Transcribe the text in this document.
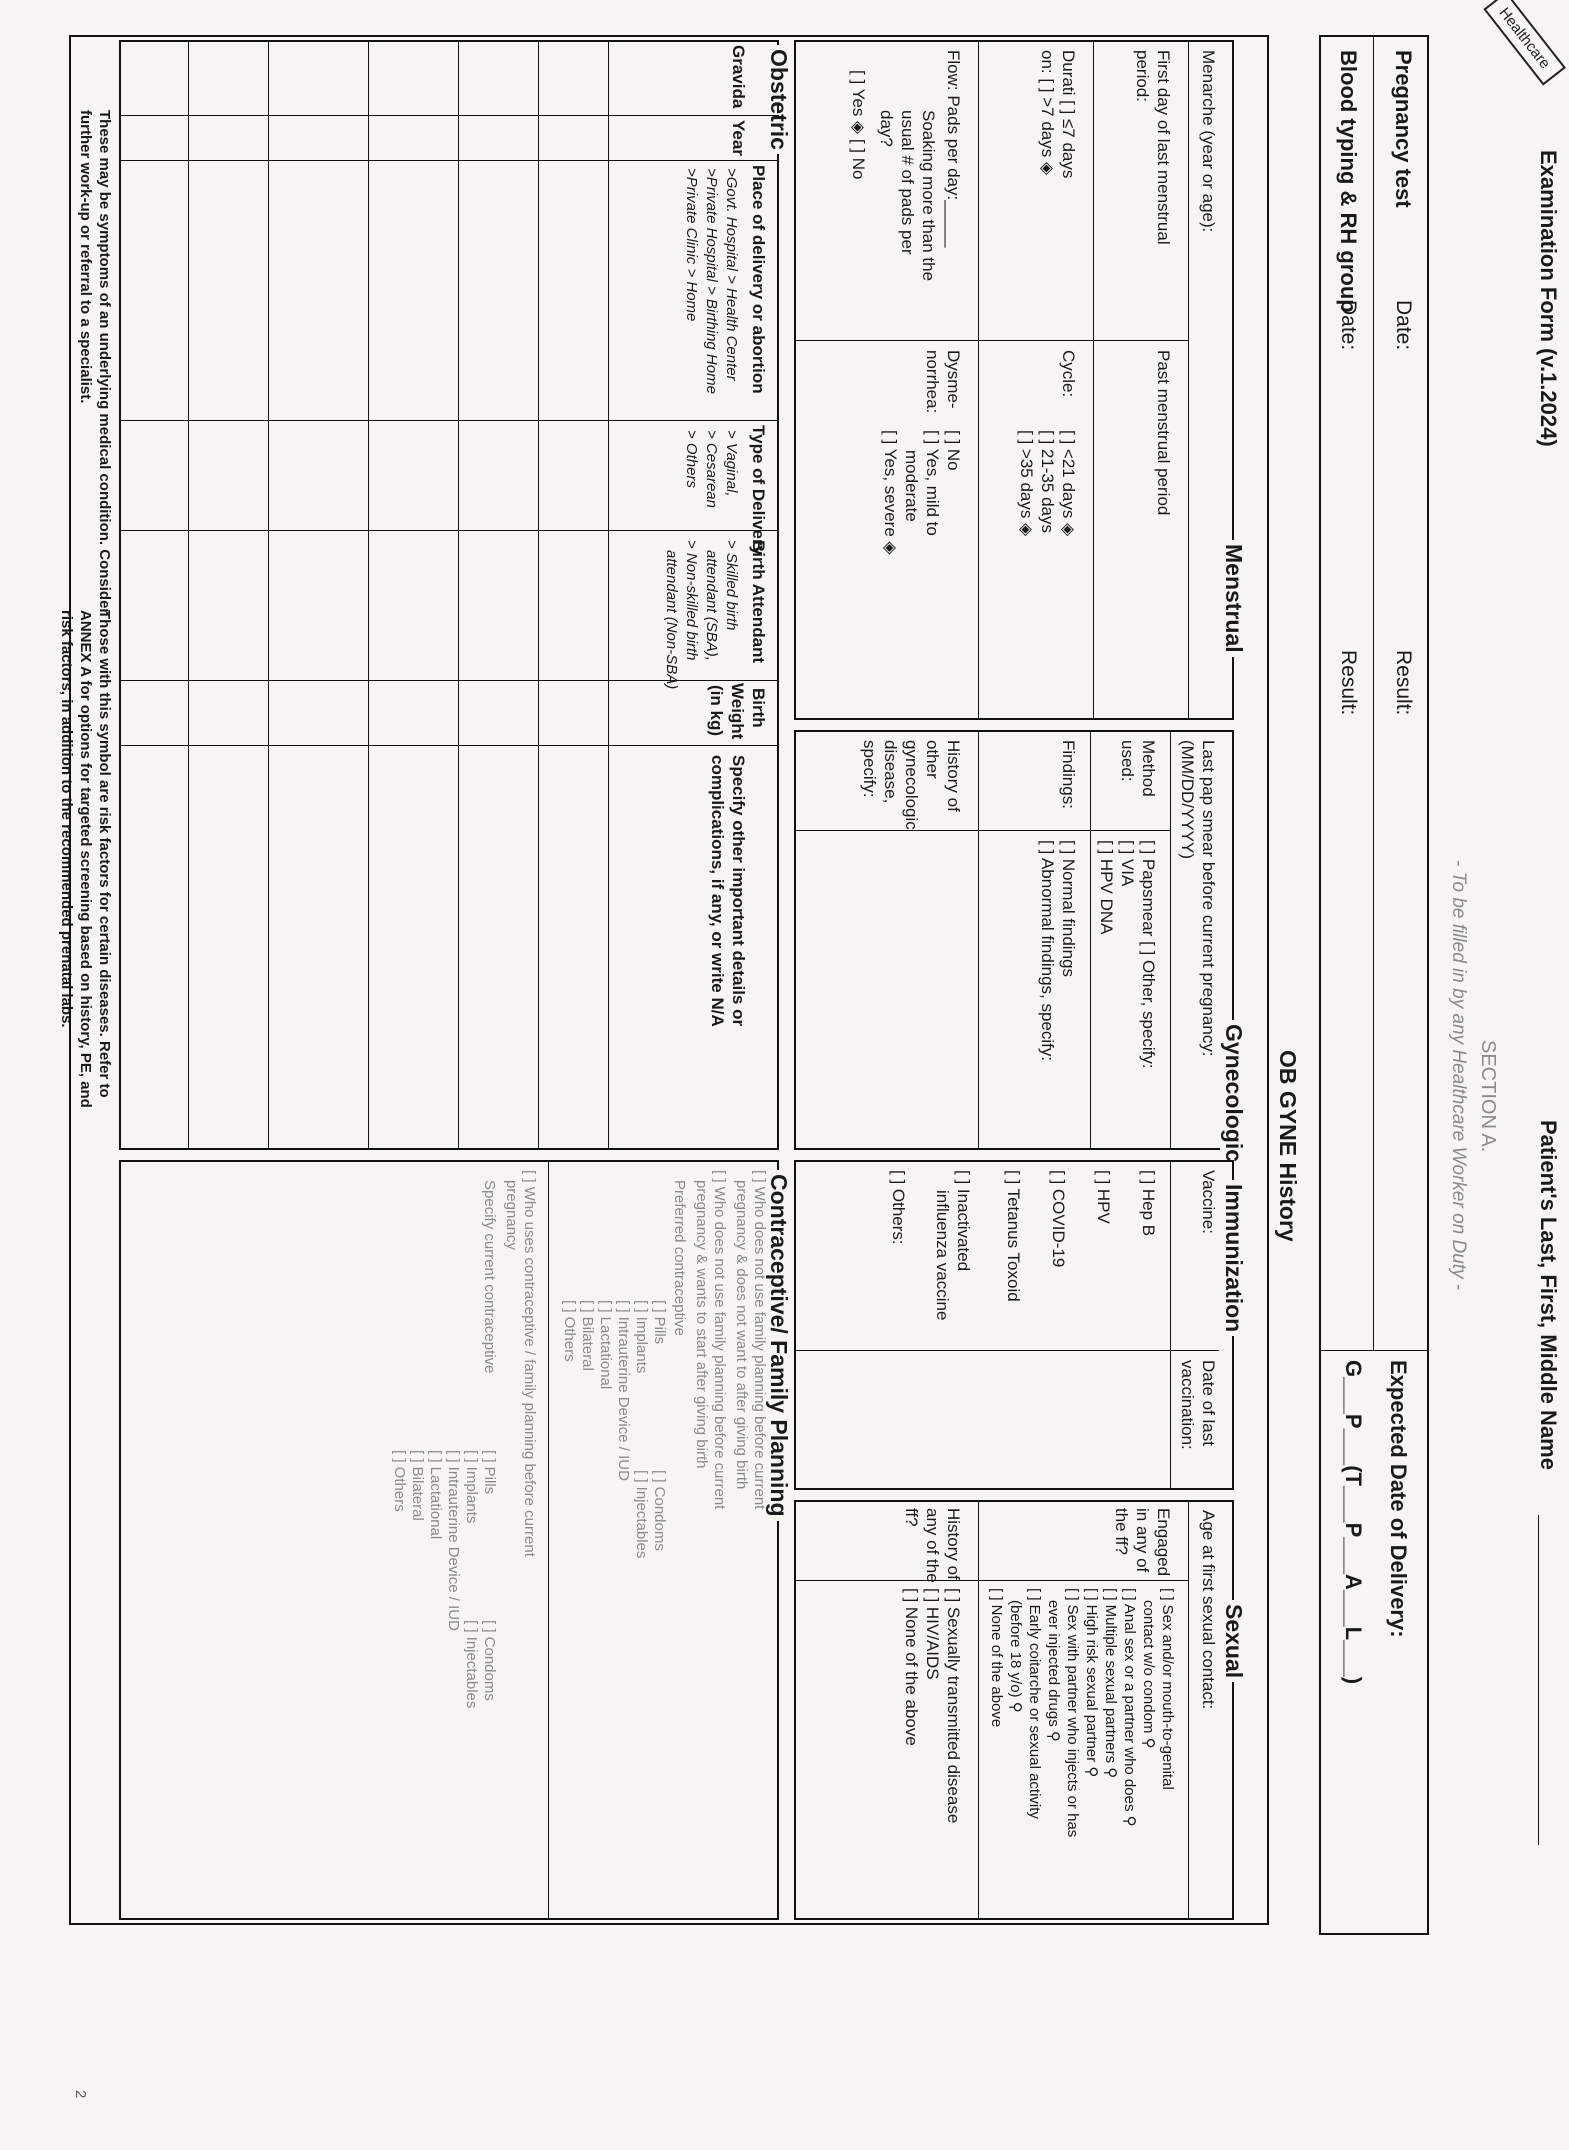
Healthcare
Examination Form (v.1.2024)
Patient's Last, First, Middle Name
SECTION A.
- To be filled in by any Healthcare Worker on Duty -
Pregnancy test
Date:
Result:
Blood typing & RH group
Date:
Result:
Expected Date of Delivery:
G___P___(T___P___A___L___)
OB GYNE History
Menstrual
Menarche (year or age):
First day of last menstrual
period:
Past menstrual period
Durati [ ] ≤7 days
on: [ ] >7 days ◈
Cycle:
[ ] <21 days ◈
[ ] 21-35 days
[ ] >35 days ◈
Flow: Pads per day:_____
Soaking more than the
usual # of pads per
day?
[ ] Yes ◈ [ ] No
Dysme-
norrhea:
[ ] No
[ ] Yes, mild to
moderate
[ ] Yes, severe ◈
Gynecologic
Last pap smear before current pregnancy:
(MM/DD/YYYY)
Method
used:
[ ] Papsmear [ ] Other, specify:
[ ] VIA
[ ] HPV DNA
Findings:
[ ] Normal findings
[ ] Abnormal findings, specify:
History of
other
gynecologic
disease,
specify:
Immunization
Vaccine:
Date of last
vaccination:
[ ] Hep B
[ ] HPV
[ ] COVID-19
[ ] Tetanus Toxoid
[ ] Inactivated
influenza vaccine
[ ] Others:
Sexual
Age at first sexual contact:
Engaged
in any of
the ff?
[ ] Sex and/or mouth-to-genital
contact w/o condom ⚲
[ ] Anal sex or a partner who does ⚲
[ ] Multiple sexual partners ⚲
[ ] High risk sexual partner ⚲
[ ] Sex with partner who injects or has
ever injected drugs ⚲
[ ] Early coitarche or sexual activity
(before 18 y/o) ⚲
[ ] None of the above
History of
any of the
ff?
[ ] Sexually transmitted disease
[ ] HIV/AIDS
[ ] None of the above
Obstetric
Gravida
Year
Place of delivery or abortion
>Govt. Hospital > Health Center
>Private Hospital > Birthing Home
>Private Clinic > Home
Type of Delivery
> Vaginal,
> Cesarean
> Others
Birth Attendant
> Skilled birth
attendant (SBA),
> Non-skilled birth
attendant (Non-SBA)
Birth
Weight
(in kg)
Specify other important details or
complications, if any, or write N/A
Contraceptive/ Family Planning
[ ] Who does not use family planning before current
pregnancy & does not want to after giving birth
[ ] Who does not use family planning before current
pregnancy & wants to start after giving birth
Preferred contraceptive
[ ] Pills
[ ] Condoms
[ ] Implants
[ ] Injectables
[ ] Intrauterine Device / IUD
[ ] Lactational
[ ] Bilateral
[ ] Others
[ ] Who uses contraceptive / family planning before current
pregnancy
Specify current contraceptive
[ ] Pills
[ ] Condoms
[ ] Implants
[ ] Injectables
[ ] Intrauterine Device / IUD
[ ] Lactational
[ ] Bilateral
[ ] Others
These may be symptoms of an underlying medical condition. Consider
further work-up or referral to a specialist.
Those with this symbol are risk factors for certain diseases. Refer to
ANNEX A for options for targeted screening based on history, PE, and
risk factors, in addition to the recommended prenatal labs.
2
